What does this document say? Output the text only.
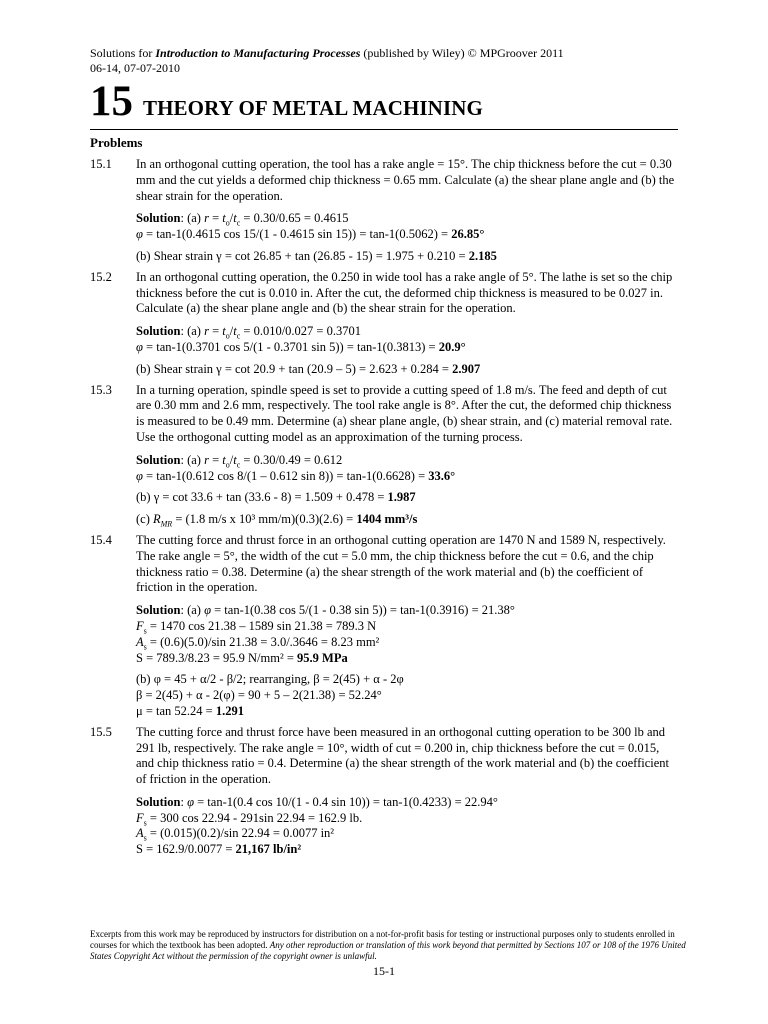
Solutions for Introduction to Manufacturing Processes (published by Wiley) © MPGroover 2011
06-14, 07-07-2010
15 THEORY OF METAL MACHINING
Problems
15.1	In an orthogonal cutting operation, the tool has a rake angle = 15°. The chip thickness before the cut = 0.30 mm and the cut yields a deformed chip thickness = 0.65 mm. Calculate (a) the shear plane angle and (b) the shear strain for the operation.

Solution: (a) $r = t_o/t_c = 0.30/0.65 = 0.4615$

φ = tan-1(0.4615 cos 15/(1 - 0.4615 sin 15)) = tan-1(0.5062) = 26.85°

(b) Shear strain γ = cot 26.85 + tan (26.85 - 15) = 1.975 + 0.210 = 2.185

15.2	In an orthogonal cutting operation, the 0.250 in wide tool has a rake angle of 5°. The lathe is set so the chip thickness before the cut is 0.010 in. After the cut, the deformed chip thickness is measured to be 0.027 in. Calculate (a) the shear plane angle and (b) the shear strain for the operation.

Solution: (a) $r = t_o/t_c = 0.010/0.027 = 0.3701$

φ = tan-1(0.3701 cos 5/(1 - 0.3701 sin 5)) = tan-1(0.3813) = 20.9°

(b) Shear strain γ = cot 20.9 + tan (20.9 – 5) = 2.623 + 0.284 = 2.907

15.3	In a turning operation, spindle speed is set to provide a cutting speed of 1.8 m/s. The feed and depth of cut are 0.30 mm and 2.6 mm, respectively. The tool rake angle is 8°. After the cut, the deformed chip thickness is measured to be 0.49 mm. Determine (a) shear plane angle, (b) shear strain, and (c) material removal rate. Use the orthogonal cutting model as an approximation of the turning process.

Solution: (a) $r = t_o/t_c = 0.30/0.49 = 0.612$

φ = tan-1(0.612 cos 8/(1 – 0.612 sin 8)) = tan-1(0.6628) = 33.6°

(b) γ = cot 33.6 + tan (33.6 - 8) = 1.509 + 0.478 = 1.987

(c) $R_{MR} = (1.8$ m/s x 10³ mm/m)(0.3)(2.6) = 1404 mm³/s

15.4	The cutting force and thrust force in an orthogonal cutting operation are 1470 N and 1589 N, respectively. The rake angle = 5°, the width of the cut = 5.0 mm, the chip thickness before the cut = 0.6, and the chip thickness ratio = 0.38. Determine (a) the shear strength of the work material and (b) the coefficient of friction in the operation.

Solution: (a) φ = tan-1(0.38 cos 5/(1 - 0.38 sin 5)) = tan-1(0.3916) = 21.38°

$F_s = 1470$ cos 21.38 – 1589 sin 21.38 = 789.3 N

$A_s = (0.6)(5.0)/\sin$ 21.38 = 3.0/.3646 = 8.23 mm²

S = 789.3/8.23 = 95.9 N/mm² = 95.9 MPa

(b) φ = 45 + α/2 - β/2; rearranging, β = 2(45) + α - 2φ

β = 2(45) + α - 2(φ) = 90 + 5 – 2(21.38) = 52.24°

μ = tan 52.24 = 1.291

15.5	The cutting force and thrust force have been measured in an orthogonal cutting operation to be 300 lb and 291 lb, respectively. The rake angle = 10°, width of cut = 0.200 in, chip thickness before the cut = 0.015, and chip thickness ratio = 0.4. Determine (a) the shear strength of the work material and (b) the coefficient of friction in the operation.

Solution: φ = tan-1(0.4 cos 10/(1 - 0.4 sin 10)) = tan-1(0.4233) = 22.94°

$F_s = 300$ cos 22.94 - 291sin 22.94 = 162.9 lb.

$A_s = (0.015)(0.2)/\sin$ 22.94 = 0.0077 in²

S = 162.9/0.0077 = 21,167 lb/in²

Excerpts from this work may be reproduced by instructors for distribution on a not-for-profit basis for testing or instructional purposes only to students enrolled in courses for which the textbook has been adopted. Any other reproduction or translation of this work beyond that permitted by Sections 107 or 108 of the 1976 United States Copyright Act without the permission of the copyright owner is unlawful.
15-1
